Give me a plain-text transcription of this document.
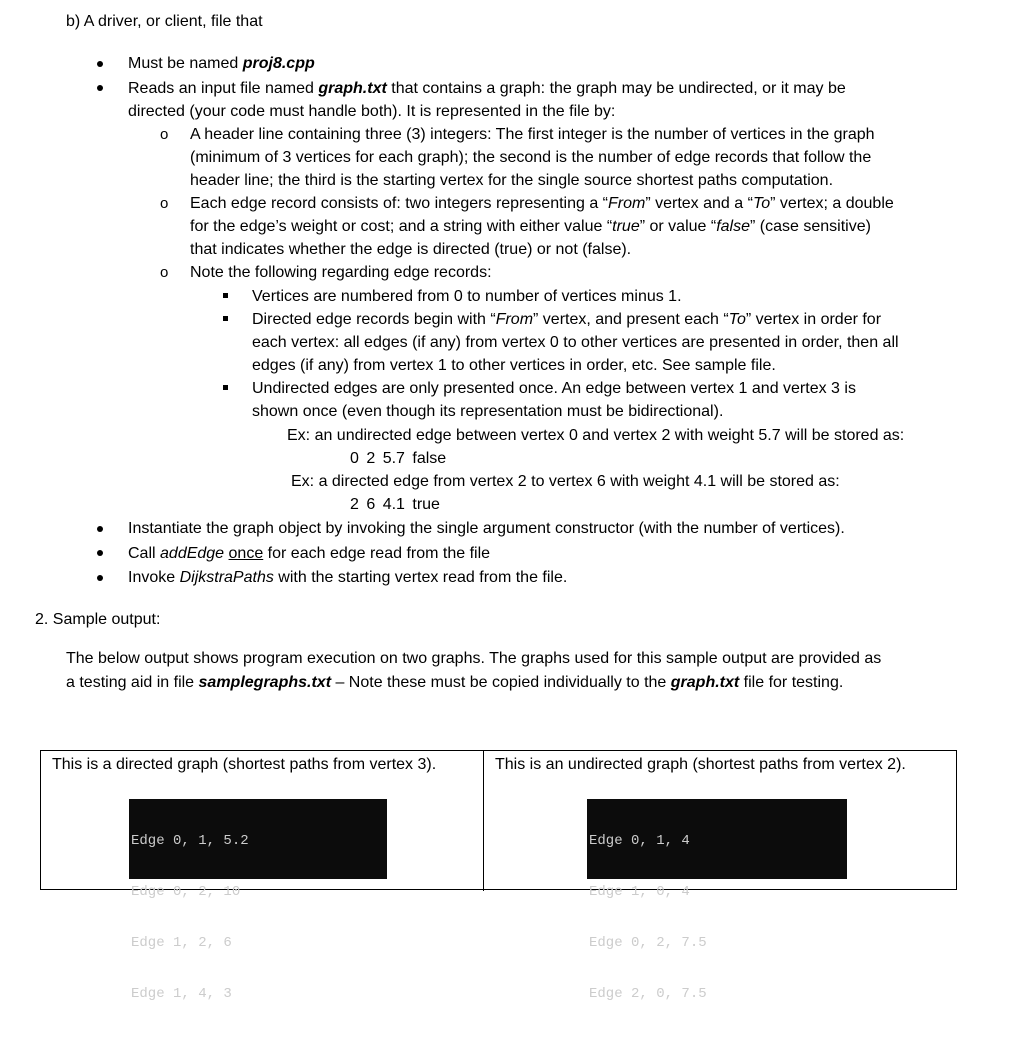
b) A driver, or client, file that
Must be named proj8.cpp
Reads an input file named graph.txt that contains a graph: the graph may be undirected, or it may be
directed (your code must handle both). It is represented in the file by:
o A header line containing three (3) integers: The first integer is the number of vertices in the graph
(minimum of 3 vertices for each graph); the second is the number of edge records that follow the
header line; the third is the starting vertex for the single source shortest paths computation.
o Each edge record consists of: two integers representing a “From” vertex and a “To” vertex; a double
for the edge’s weight or cost; and a string with either value “true” or value “false” (case sensitive)
that indicates whether the edge is directed (true) or not (false).
o Note the following regarding edge records:
Vertices are numbered from 0 to number of vertices minus 1.
Directed edge records begin with “From” vertex, and present each “To” vertex in order for
each vertex: all edges (if any) from vertex 0 to other vertices are presented in order, then all
edges (if any) from vertex 1 to other vertices in order, etc. See sample file.
Undirected edges are only presented once. An edge between vertex 1 and vertex 3 is
shown once (even though its representation must be bidirectional).
Ex: an undirected edge between vertex 0 and vertex 2 with weight 5.7 will be stored as:
0 2 5.7 false
Ex: a directed edge from vertex 2 to vertex 6 with weight 4.1 will be stored as:
2 6 4.1 true
Instantiate the graph object by invoking the single argument constructor (with the number of vertices).
Call addEdge once for each edge read from the file
Invoke DijkstraPaths with the starting vertex read from the file.
2. Sample output:
The below output shows program execution on two graphs. The graphs used for this sample output are provided as
a testing aid in file samplegraphs.txt – Note these must be copied individually to the graph.txt file for testing.
This is a directed graph (shortest paths from vertex 3).	This is an undirected graph (shortest paths from vertex 2).

Edge 0, 1, 5.2

Edge 0, 2, 10

Edge 1, 2, 6

Edge 1, 4, 3

Edge 0, 1, 4

Edge 1, 0, 4

Edge 0, 2, 7.5

Edge 2, 0, 7.5
